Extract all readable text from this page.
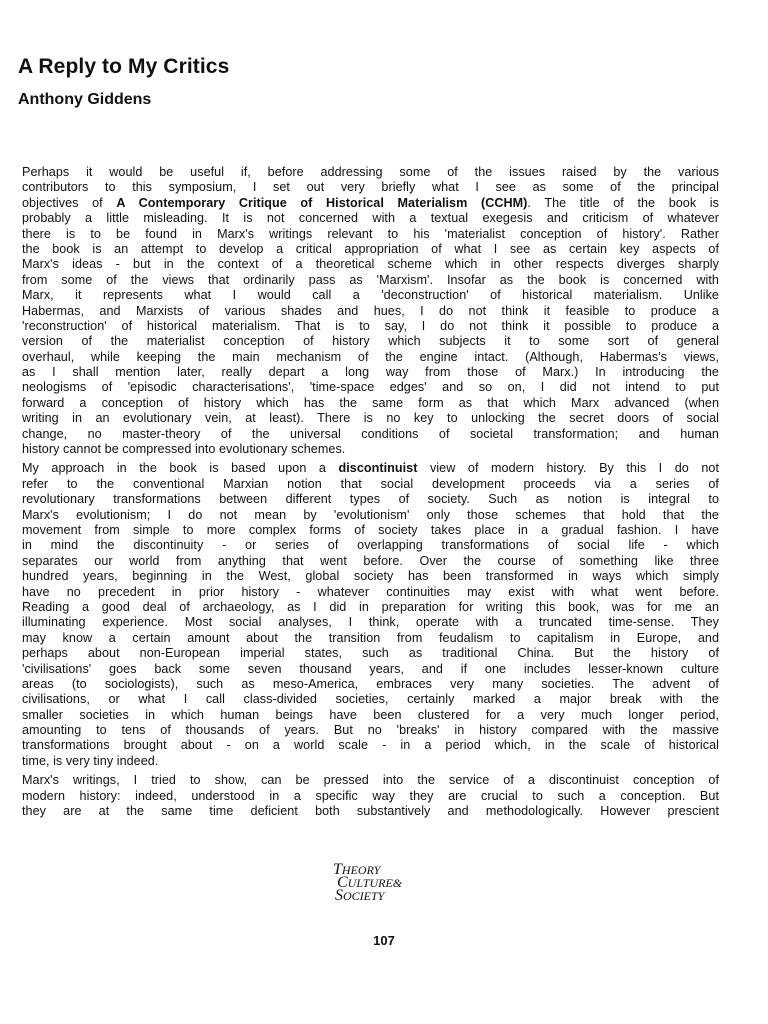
A Reply to My Critics
Anthony Giddens
Perhaps it would be useful if, before addressing some of the issues raised by the various
contributors to this symposium, I set out very briefly what I see as some of the principal
objectives of A Contemporary Critique of Historical Materialism (CCHM). The title of the book is
probably a little misleading. It is not concerned with a textual exegesis and criticism of whatever
there is to be found in Marx's writings relevant to his 'materialist conception of history'. Rather
the book is an attempt to develop a critical appropriation of what I see as certain key aspects of
Marx's ideas - but in the context of a theoretical scheme which in other respects diverges sharply
from some of the views that ordinarily pass as 'Marxism'. Insofar as the book is concerned with
Marx, it represents what I would call a 'deconstruction' of historical materialism. Unlike
Habermas, and Marxists of various shades and hues, I do not think it feasible to produce a
'reconstruction' of historical materialism. That is to say, I do not think it possible to produce a
version of the materialist conception of history which subjects it to some sort of general
overhaul, while keeping the main mechanism of the engine intact. (Although, Habermas's views,
as I shall mention later, really depart a long way from those of Marx.) In introducing the
neologisms of 'episodic characterisations', 'time-space edges' and so on, I did not intend to put
forward a conception of history which has the same form as that which Marx advanced (when
writing in an evolutionary vein, at least). There is no key to unlocking the secret doors of social
change, no master-theory of the universal conditions of societal transformation; and human
history cannot be compressed into evolutionary schemes.
My approach in the book is based upon a discontinuist view of modern history. By this I do not
refer to the conventional Marxian notion that social development proceeds via a series of
revolutionary transformations between different types of society. Such as notion is integral to
Marx's evolutionism; I do not mean by 'evolutionism' only those schemes that hold that the
movement from simple to more complex forms of society takes place in a gradual fashion. I have
in mind the discontinuity - or series of overlapping transformations of social life - which
separates our world from anything that went before. Over the course of something like three
hundred years, beginning in the West, global society has been transformed in ways which simply
have no precedent in prior history - whatever continuities may exist with what went before.
Reading a good deal of archaeology, as I did in preparation for writing this book, was for me an
illuminating experience. Most social analyses, I think, operate with a truncated time-sense. They
may know a certain amount about the transition from feudalism to capitalism in Europe, and
perhaps about non-European imperial states, such as traditional China. But the history of
'civilisations' goes back some seven thousand years, and if one includes lesser-known culture
areas (to sociologists), such as meso-America, embraces very many societies. The advent of
civilisations, or what I call class-divided societies, certainly marked a major break with the
smaller societies in which human beings have been clustered for a very much longer period,
amounting to tens of thousands of years. But no 'breaks' in history compared with the massive
transformations brought about - on a world scale - in a period which, in the scale of historical
time, is very tiny indeed.
Marx's writings, I tried to show, can be pressed into the service of a discontinuist conception of
modern history: indeed, understood in a specific way they are crucial to such a conception. But
they are at the same time deficient both substantively and methodologically. However prescient
THEORY
CULTURE&
SOCIETY
107
